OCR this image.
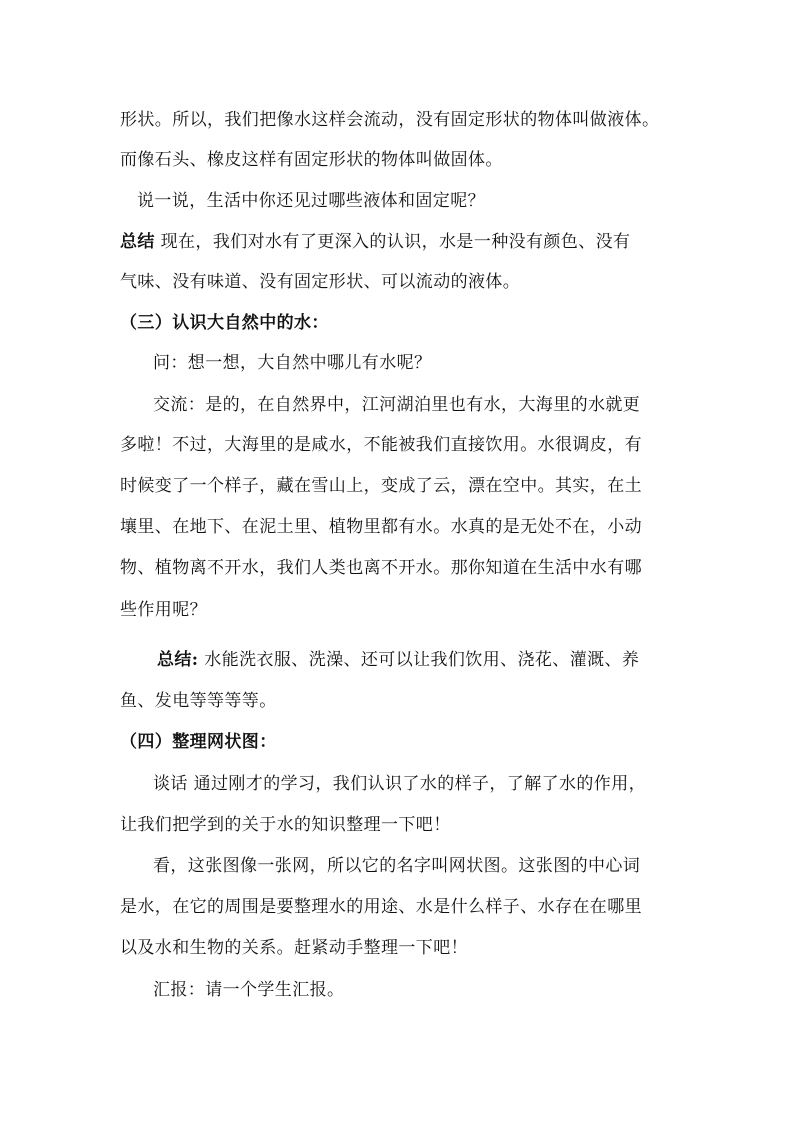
形状。所以，我们把像水这样会流动，没有固定形状的物体叫做液体。
而像石头、橡皮这样有固定形状的物体叫做固体。
说一说，生活中你还见过哪些液体和固定呢？
总结 现在，我们对水有了更深入的认识，水是一种没有颜色、没有
气味、没有味道、没有固定形状、可以流动的液体。
（三）认识大自然中的水：
问：想一想，大自然中哪儿有水呢？
交流：是的，在自然界中，江河湖泊里也有水，大海里的水就更
多啦！不过，大海里的是咸水，不能被我们直接饮用。水很调皮，有
时候变了一个样子，藏在雪山上，变成了云，漂在空中。其实，在土
壤里、在地下、在泥土里、植物里都有水。水真的是无处不在，小动
物、植物离不开水，我们人类也离不开水。那你知道在生活中水有哪
些作用呢？
总结: 水能洗衣服、洗澡、还可以让我们饮用、浇花、灌溉、养
鱼、发电等等等等。
（四）整理网状图：
谈话 通过刚才的学习，我们认识了水的样子，了解了水的作用，
让我们把学到的关于水的知识整理一下吧！
看，这张图像一张网，所以它的名字叫网状图。这张图的中心词
是水，在它的周围是要整理水的用途、水是什么样子、水存在在哪里
以及水和生物的关系。赶紧动手整理一下吧！
汇报：请一个学生汇报。
